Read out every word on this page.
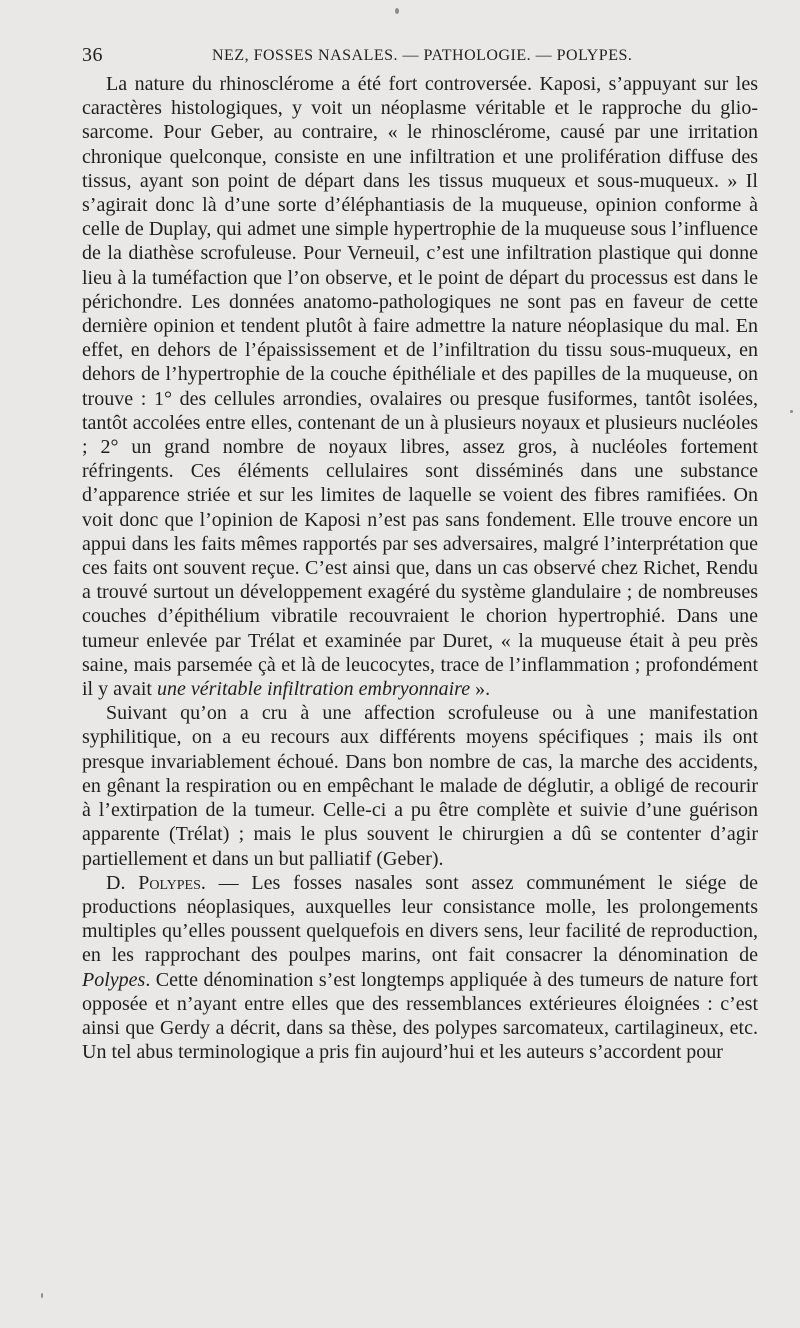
36	NEZ, FOSSES NASALES. — PATHOLOGIE. — POLYPES.

La nature du rhinosclérome a été fort controversée. Kaposi, s’appuyant sur les caractères histologiques, y voit un néoplasme véritable et le rapproche du glio-sarcome. Pour Geber, au contraire, « le rhinosclérome, causé par une irritation chronique quelconque, consiste en une infiltration et une prolifération diffuse des tissus, ayant son point de départ dans les tissus muqueux et sous-muqueux. » Il s’agirait donc là d’une sorte d’éléphantiasis de la muqueuse, opinion conforme à celle de Duplay, qui admet une simple hypertrophie de la muqueuse sous l’influence de la diathèse scrofuleuse. Pour Verneuil, c’est une infiltration plastique qui donne lieu à la tuméfaction que l’on observe, et le point de départ du processus est dans le périchondre. Les données anatomo-pathologiques ne sont pas en faveur de cette dernière opinion et tendent plutôt à faire admettre la nature néoplasique du mal. En effet, en dehors de l’épaississement et de l’infiltration du tissu sous-muqueux, en dehors de l’hypertrophie de la couche épithéliale et des papilles de la muqueuse, on trouve : 1° des cellules arrondies, ovalaires ou presque fusiformes, tantôt isolées, tantôt accolées entre elles, contenant de un à plusieurs noyaux et plusieurs nucléoles ; 2° un grand nombre de noyaux libres, assez gros, à nucléoles fortement réfringents. Ces éléments cellulaires sont disséminés dans une substance d’apparence striée et sur les limites de laquelle se voient des fibres ramifiées. On voit donc que l’opinion de Kaposi n’est pas sans fondement. Elle trouve encore un appui dans les faits mêmes rapportés par ses adversaires, malgré l’interprétation que ces faits ont souvent reçue. C’est ainsi que, dans un cas observé chez Richet, Rendu a trouvé surtout un développement exagéré du système glandulaire ; de nombreuses couches d’épithélium vibratile recouvraient le chorion hypertrophié. Dans une tumeur enlevée par Trélat et examinée par Duret, « la muqueuse était à peu près saine, mais parsemée çà et là de leucocytes, trace de l’inflammation ; profondément il y avait une véritable infiltration embryonnaire ».

Suivant qu’on a cru à une affection scrofuleuse ou à une manifestation syphilitique, on a eu recours aux différents moyens spécifiques ; mais ils ont presque invariablement échoué. Dans bon nombre de cas, la marche des accidents, en gênant la respiration ou en empêchant le malade de déglutir, a obligé de recourir à l’extirpation de la tumeur. Celle-ci a pu être complète et suivie d’une guérison apparente (Trélat) ; mais le plus souvent le chirurgien a dû se contenter d’agir partiellement et dans un but palliatif (Geber).

D. Polypes. — Les fosses nasales sont assez communément le siége de productions néoplasiques, auxquelles leur consistance molle, les prolongements multiples qu’elles poussent quelquefois en divers sens, leur facilité de reproduction, en les rapprochant des poulpes marins, ont fait consacrer la dénomination de Polypes. Cette dénomination s’est longtemps appliquée à des tumeurs de nature fort opposée et n’ayant entre elles que des ressemblances extérieures éloignées : c’est ainsi que Gerdy a décrit, dans sa thèse, des polypes sarcomateux, cartilagineux, etc. Un tel abus terminologique a pris fin aujourd’hui et les auteurs s’accordent pour
